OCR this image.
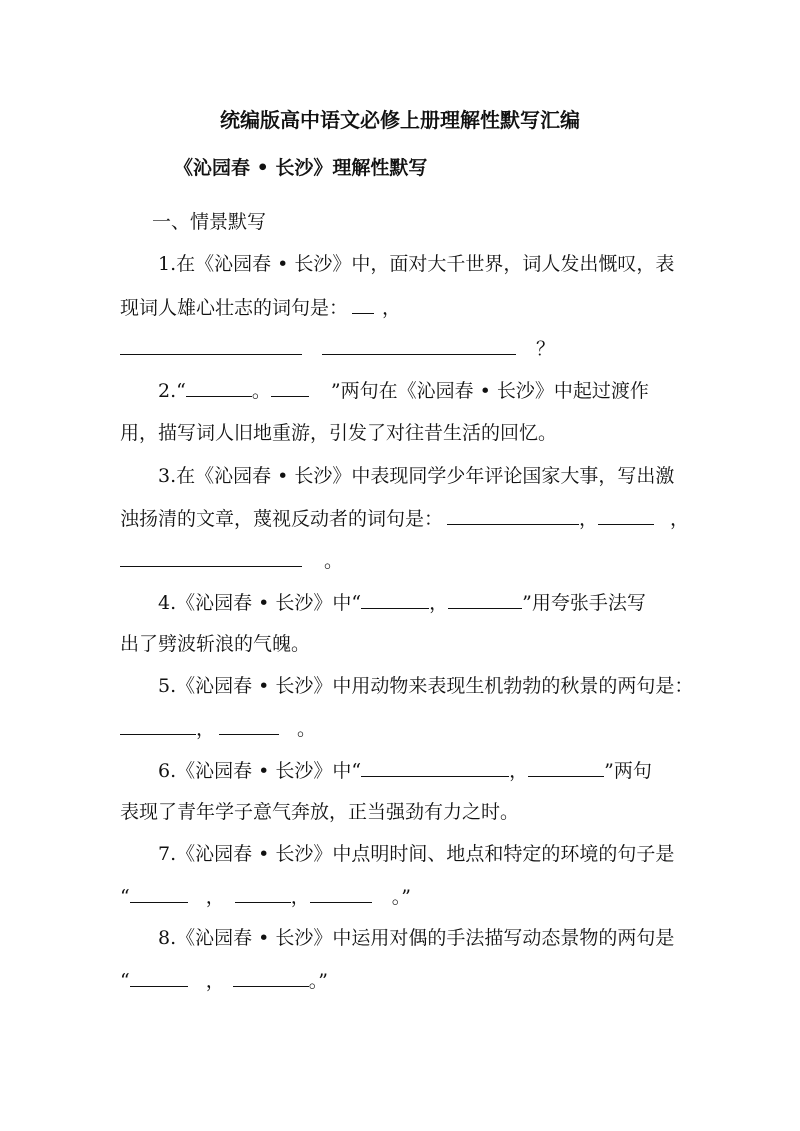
统编版高中语文必修上册理解性默写汇编
《沁园春 • 长沙》理解性默写
一、情景默写
1.在《沁园春 • 长沙》中，面对大千世界，词人发出慨叹，表
现词人雄心壮志的词句是： ，
？
2.“	。	”两句在《沁园春 • 长沙》中起过渡作
用，描写词人旧地重游，引发了对往昔生活的回忆。
3.在《沁园春 • 长沙》中表现同学少年评论国家大事，写出激
浊扬清的文章，蔑视反动者的词句是：	，	，
。
4.《沁园春 • 长沙》中“	，	”用夸张手法写
出了劈波斩浪的气魄。
5.《沁园春 • 长沙》中用动物来表现生机勃勃的秋景的两句是：
，	。
6.《沁园春 • 长沙》中“	，	”两句
表现了青年学子意气奔放，正当强劲有力之时。
7.《沁园春 • 长沙》中点明时间、地点和特定的环境的句子是
“	，	，	。”
8.《沁园春 • 长沙》中运用对偶的手法描写动态景物的两句是
“	，	。”
